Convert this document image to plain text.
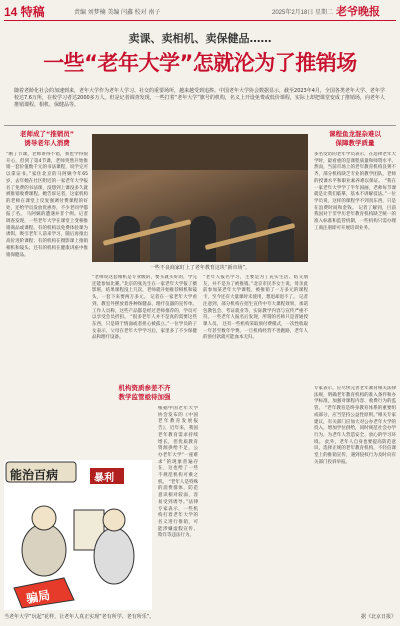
14 特稿	责编 刘梦楠 美编 闫鑫 校对 南子	2025年2月18日 星期二 老爷晚报
卖课、卖相机、卖保健品……
一些“老年大学”怎就沦为了推销场
随着老龄化社会的加速到来，老年大学作为老年人学习、社交的重要场所，越来越受到追捧。中国老年大学协会数据显示，截至2023年4月，全国各类老年大学、老年学校达7.6万所，在校学习者达2000多万人。但是记者调查发现，一些打着“老年大学”旗号的机构，名义上开设免费或低价课程，实际上却把课堂变成了推销场，向老年人推销课程、相机、保健品等。
老师成了“推销员”
诱导老年人消费
“刚了节课，老师讲得不错，我也学得很开心，但到了第4节课，老师突然开始推销一套价值数千元的书法课程，说学完可以拿证书。”家住北京的马阿姨今年65岁，去年她在社区附近的一家老年大学报名了免费的书法课，没想到上课没多久就被推销收费课程。她告诉记者，这家机构的老师在课堂上反复强调付费课程的好处，还给学员发放优惠券，不少老同学都报了名。 马阿姨的遭遇并非个例。记者调查发现，一些老年大学在课堂上变相推销商品或课程。有的机构以免费体验课为诱饵，吸引老年人前来学习，随后再推出高价进阶课程；有的机构在摄影课上推销相机和镜头；还有的机构在健康讲座中推销保健品。
一些不良商家盯上了老年教育这块“新市场”。
“老师说这套相机是专业级的，要买就买好的，学完还能参加比赛。”北京的张先生在一家老年大学报了摄影班，结果课程没上几次，老师就开始推荐相机和镜头，一套下来要两万多元。 记者在一家老年大学看到，教室外摆放着各种保健品、理疗仪器的宣传单。工作人员称，这些产品都是经过老师推荐的，学员可以享受会员折扣。 “很多老年人并不是真的需要这些东西，只是碍于情面或者担心被孤立。”一位学员的子女表示，父母在老年大学学习后，家里多了不少保健品和理疗设备。
“老年人报名学习，主要是为了充实生活、结交朋友，并不是为了被推销。”北京市民李女士说，母亲此前参加某老年大学课程，被推销了一万多元的课程卡，至今还有大量课时未使用，想退却退不了。 记者注意到，部分机构在招生宣传中夸大课程效果，承诺包教包会、考证就业等，实际教学内容与宣传严重不符。一些老年人报名后发现，所谓的名师只是普通授课人员。 还有一些机构采取预付费模式，一次性收取一年甚至数年学费。一旦机构经营不善跑路，老年人的预付款就可能血本无归。
机构资质参差不齐
教学监管亟待加强
根据中国老年大学协会发布的《中国老年教育发展报告》，近年来，我国老年教育需求持续增长，但优质教育资源供给不足，公办老年大学“一座难求”的现象普遍存在，这也给了一些不规范机构可乘之机。 “老年人是特殊的消费群体，防范意识相对较弱，容易受到诱导。”法律专家表示，一些机构打着老年大学的名义进行推销，可能涉嫌虚假宣传、欺诈等违法行为。
课程鱼龙混杂难以
保障教学质量
多名受访的老年学员表示，在选择老年大学时，最看重的是课程质量和师资水平。然而，当前市场上的老年教育机构良莠不齐，部分机构缺乏专业的教学团队，老师的授课水平和职业素养难以保证。 “我在一家老年大学学了半年国画，老师每节课就是让我们临摹，基本不讲解技法。”一位学员说，这样的课程学不到真东西，只是在浪费时间和金钱。 记者了解到，目前我国对于非学历老年教育机构缺乏统一的准入标准和监管机制，一些机构只需办理工商注册即可开展培训业务。
专家表示，应尽快完善老年教育相关法律法规，明确老年教育机构的准入条件和办学标准，加强对课程内容、收费行为的监管。 “老年教育是终身教育体系的重要组成部分，应当坚持公益性原则。”相关专家建议，有关部门应加大对公办老年大学的投入，增加学位供给，同时规范社会办学行为，为老年人营造安全、放心的学习环境。 此外，老年人自身也要提高防范意识，选择正规的老年教育机构，不轻信课堂上的推销宣传，遇到侵权行为及时向有关部门投诉举报。
能治百病	暴利
骗局
当老年大学“玩起”花样，让老年人真正实现“老有所学、老有所乐”。	据《北京日报》
